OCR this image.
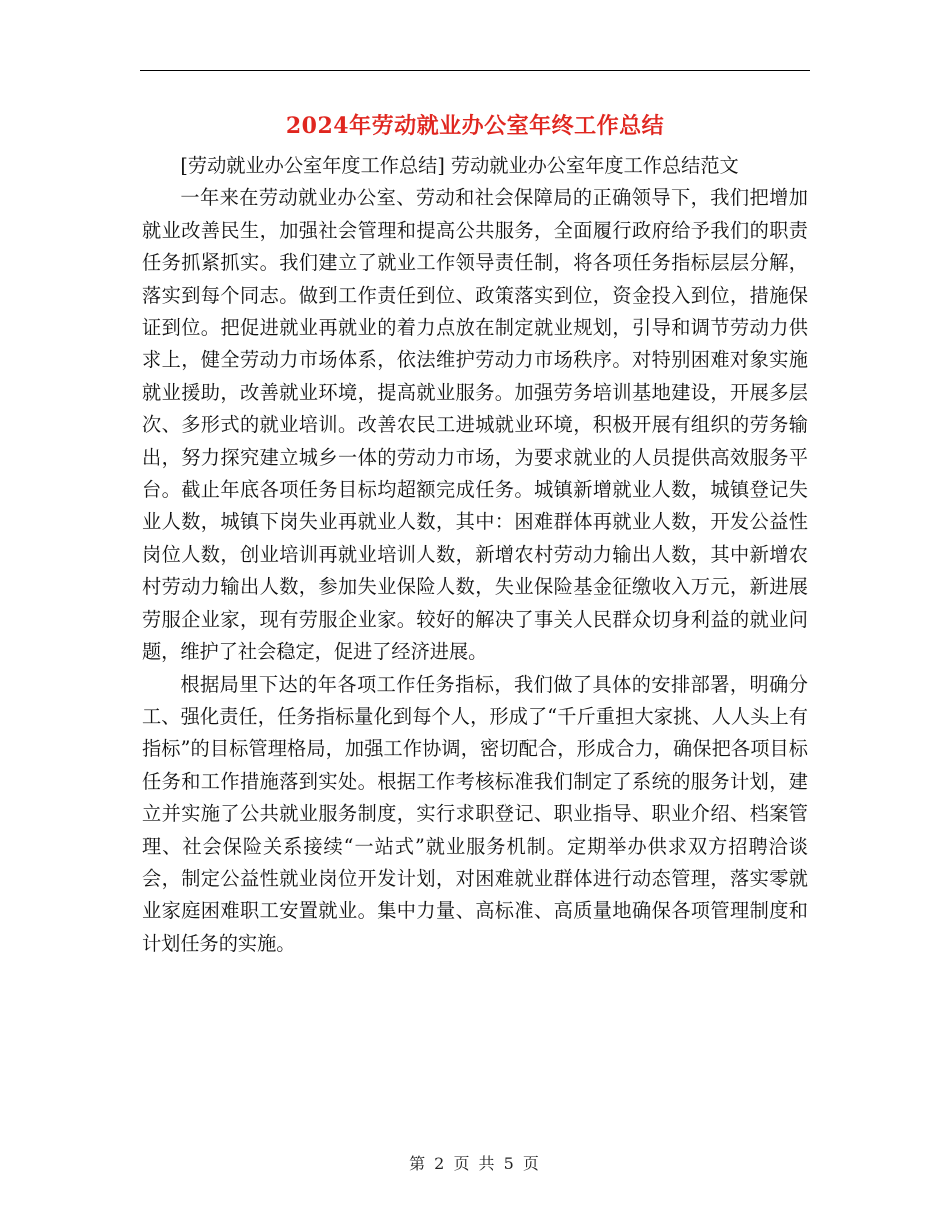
2024年劳动就业办公室年终工作总结

[劳动就业办公室年度工作总结] 劳动就业办公室年度工作总结范文

一年来在劳动就业办公室、劳动和社会保障局的正确领导下，我们把增加就业改善民生，加强社会管理和提高公共服务，全面履行政府给予我们的职责任务抓紧抓实。我们建立了就业工作领导责任制，将各项任务指标层层分解，落实到每个同志。做到工作责任到位、政策落实到位，资金投入到位，措施保证到位。把促进就业再就业的着力点放在制定就业规划，引导和调节劳动力供求上，健全劳动力市场体系，依法维护劳动力市场秩序。对特别困难对象实施就业援助，改善就业环境，提高就业服务。加强劳务培训基地建设，开展多层次、多形式的就业培训。改善农民工进城就业环境，积极开展有组织的劳务输出，努力探究建立城乡一体的劳动力市场，为要求就业的人员提供高效服务平台。截止年底各项任务目标均超额完成任务。城镇新增就业人数，城镇登记失业人数，城镇下岗失业再就业人数，其中：困难群体再就业人数，开发公益性岗位人数，创业培训再就业培训人数，新增农村劳动力输出人数，其中新增农村劳动力输出人数，参加失业保险人数，失业保险基金征缴收入万元，新进展劳服企业家，现有劳服企业家。较好的解决了事关人民群众切身利益的就业问题，维护了社会稳定，促进了经济进展。

根据局里下达的年各项工作任务指标，我们做了具体的安排部署，明确分工、强化责任，任务指标量化到每个人，形成了“千斤重担大家挑、人人头上有指标”的目标管理格局，加强工作协调，密切配合，形成合力，确保把各项目标任务和工作措施落到实处。根据工作考核标准我们制定了系统的服务计划，建立并实施了公共就业服务制度，实行求职登记、职业指导、职业介绍、档案管理、社会保险关系接续“一站式”就业服务机制。定期举办供求双方招聘洽谈会，制定公益性就业岗位开发计划，对困难就业群体进行动态管理，落实零就业家庭困难职工安置就业。集中力量、高标准、高质量地确保各项管理制度和计划任务的实施。

第 2 页 共 5 页
